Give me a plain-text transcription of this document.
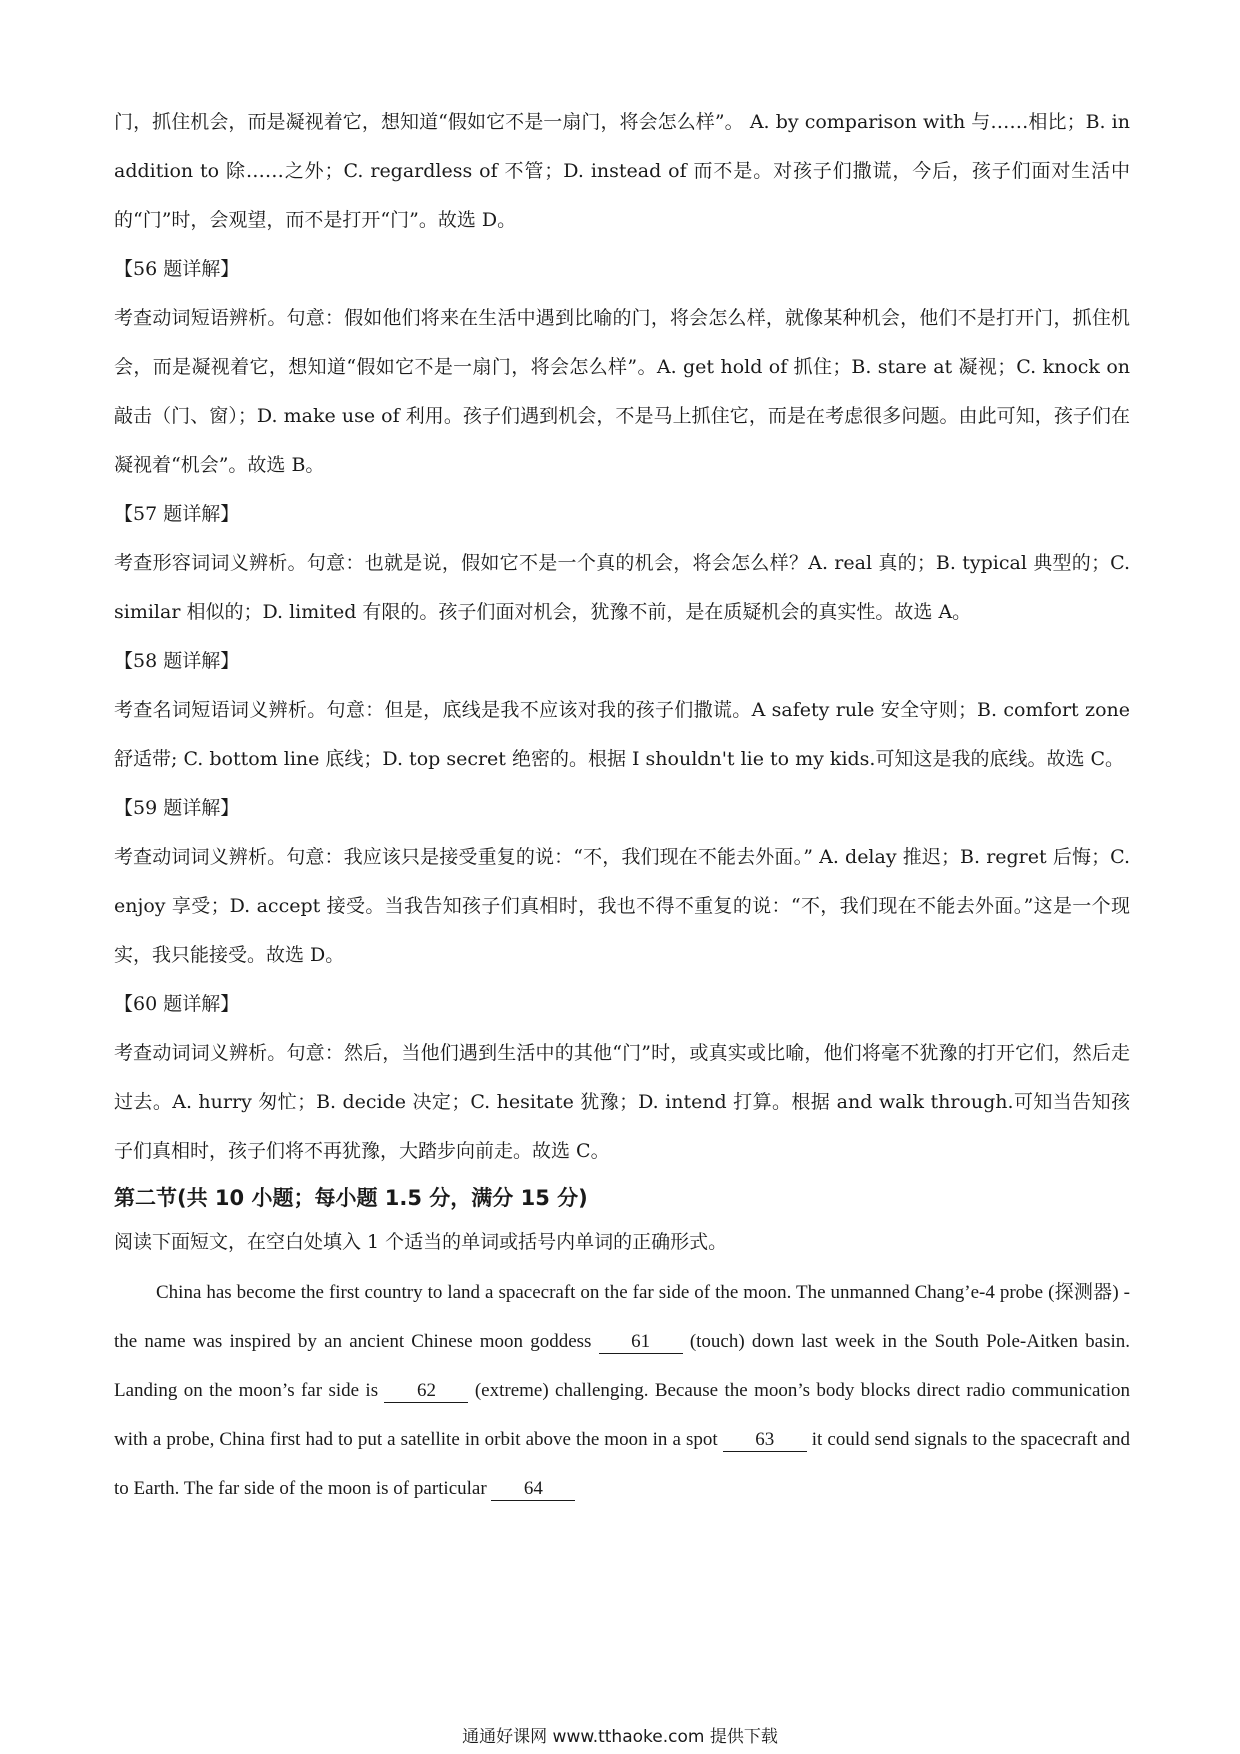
门，抓住机会，而是凝视着它，想知道“假如它不是一扇门，将会怎么样”。 A. by comparison with 与……相比；B. in addition to 除……之外；C. regardless of 不管；D. instead of 而不是。对孩子们撒谎，今后，孩子们面对生活中的“门”时，会观望，而不是打开“门”。故选 D。

【56 题详解】

考查动词短语辨析。句意：假如他们将来在生活中遇到比喻的门，将会怎么样，就像某种机会，他们不是打开门，抓住机会，而是凝视着它，想知道“假如它不是一扇门，将会怎么样”。A. get hold of 抓住；B. stare at 凝视；C. knock on 敲击（门、窗）；D. make use of 利用。孩子们遇到机会，不是马上抓住它，而是在考虑很多问题。由此可知，孩子们在凝视着“机会”。故选 B。

【57 题详解】

考查形容词词义辨析。句意：也就是说，假如它不是一个真的机会，将会怎么样？A. real 真的；B. typical 典型的；C. similar 相似的；D. limited 有限的。孩子们面对机会，犹豫不前，是在质疑机会的真实性。故选 A。

【58 题详解】

考查名词短语词义辨析。句意：但是，底线是我不应该对我的孩子们撒谎。A safety rule 安全守则；B. comfort zone 舒适带; C. bottom line 底线；D. top secret 绝密的。根据 I shouldn't lie to my kids.可知这是我的底线。故选 C。

【59 题详解】

考查动词词义辨析。句意：我应该只是接受重复的说：“不，我们现在不能去外面。” A. delay 推迟；B. regret 后悔；C. enjoy 享受；D. accept 接受。当我告知孩子们真相时，我也不得不重复的说：“不，我们现在不能去外面。”这是一个现实，我只能接受。故选 D。

【60 题详解】

考查动词词义辨析。句意：然后，当他们遇到生活中的其他“门”时，或真实或比喻，他们将毫不犹豫的打开它们，然后走过去。A. hurry 匆忙；B. decide 决定；C. hesitate 犹豫；D. intend 打算。根据 and walk through.可知当告知孩子们真相时，孩子们将不再犹豫，大踏步向前走。故选 C。

第二节(共 10 小题；每小题 1.5 分，满分 15 分)

阅读下面短文，在空白处填入 1 个适当的单词或括号内单词的正确形式。

China has become the first country to land a spacecraft on the far side of the moon. The unmanned Chang’e-4 probe (探测器) - the name was inspired by an ancient Chinese moon goddess 61 (touch) down last week in the South Pole-Aitken basin. Landing on the moon’s far side is 62 (extreme) challenging. Because the moon’s body blocks direct radio communication with a probe, China first had to put a satellite in orbit above the moon in a spot 63 it could send signals to the spacecraft and to Earth. The far side of the moon is of particular 64

通通好课网 www.tthaoke.com 提供下载
